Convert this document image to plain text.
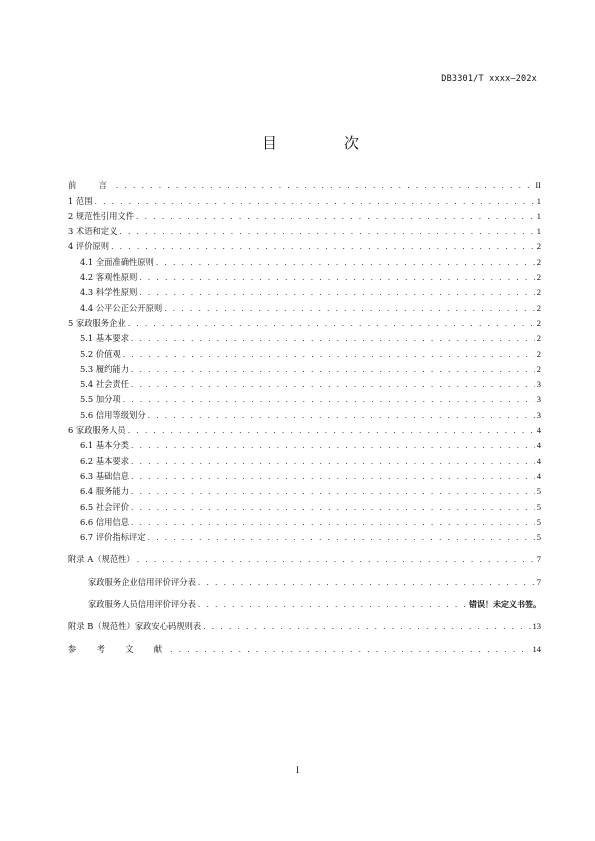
DB3301/T xxxx—202x
目　次
前　言 . . .	II
1 范围 . . .	1
2 规范性引用文件 . . .	1
3 术语和定义 . . .	1
4 评价原则 . . .	2
4.1 全面准确性原则 . . .	2
4.2 客观性原则 . . .	2
4.3 科学性原则 . . .	2
4.4 公平公正公开原则 . . .	2
5 家政服务企业 . . .	2
5.1 基本要求 . . .	2
5.2 价值观 . . .	2
5.3 履约能力 . . .	2
5.4 社会责任 . . .	3
5.5 加分项 . . .	3
5.6 信用等级划分 . . .	3
6 家政服务人员 . . .	4
6.1 基本分类 . . .	4
6.2 基本要求 . . .	4
6.3 基础信息 . . .	4
6.4 服务能力 . . .	5
6.5 社会评价 . . .	5
6.6 信用信息 . . .	5
6.7 评价指标评定 . . .	5
附录 A（规范性） . . .	7
家政服务企业信用评价评分表 . . .	7
家政服务人员信用评价评分表 . . .	错误！未定义书签。
附录 B（规范性）家政安心码规则表 . . .	13
参　考　文　献 . . .	14
I
